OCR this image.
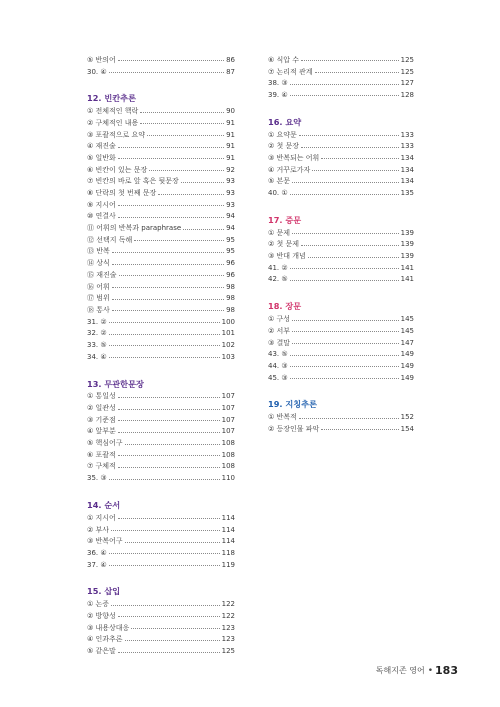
⑤ 반의어	86
30. ④	87
12. 빈칸추론
① 전체적인 핵락	90
② 구체적인 내용	91
③ 포괄적으로 요약	91
④ 재진술	91
⑤ 일반화	91
⑥ 빈칸이 있는 문장	92
⑦ 빈칸의 바로 앞 혹은 뒷문장	93
⑧ 단락의 첫 번째 문장	93
⑨ 지시어	93
⑩ 연결사	94
⑪ 어휘의 반복과 paraphrase	94
⑫ 선택지 독해	95
⑬ 반복	95
⑭ 상식	96
⑮ 재진술	96
⑯ 어휘	98
⑰ 범위	98
⑱ 통사	98
31. ②	100
32. ②	101
33. ⑤	102
34. ④	103
13. 무관한문장
① 통일성	107
② 일관성	107
③ 기준점	107
④ 앞부분	107
⑤ 핵심어구	108
⑥ 포괄적	108
⑦ 구체적	108
35. ③	110
14. 순서
① 지시어	114
② 부사	114
③ 반복어구	114
36. ④	118
37. ④	119
15. 삽입
① 논증	122
② 방향성	122
③ 내용상대응	123
④ 인과추론	123
⑤ 같은말	125
⑥ 식압 수	125
⑦ 논리적 관계	125
38. ③	127
39. ④	128
16. 요약
① 요약문	133
② 첫 문장	133
③ 반복되는 어휘	134
④ 거꾸로가자	134
⑤ 본문	134
40. ①	135
17. 증문
① 문제	139
② 첫 문제	139
③ 반대 개념	139
41. ②	141
42. ⑤	141
18. 장문
① 구성	145
② 서부	145
③ 결말	147
43. ⑤	149
44. ③	149
45. ③	149
19. 지칭추론
① 반복적	152
② 등장인물 파악	154
독해지존 영어 • 183
